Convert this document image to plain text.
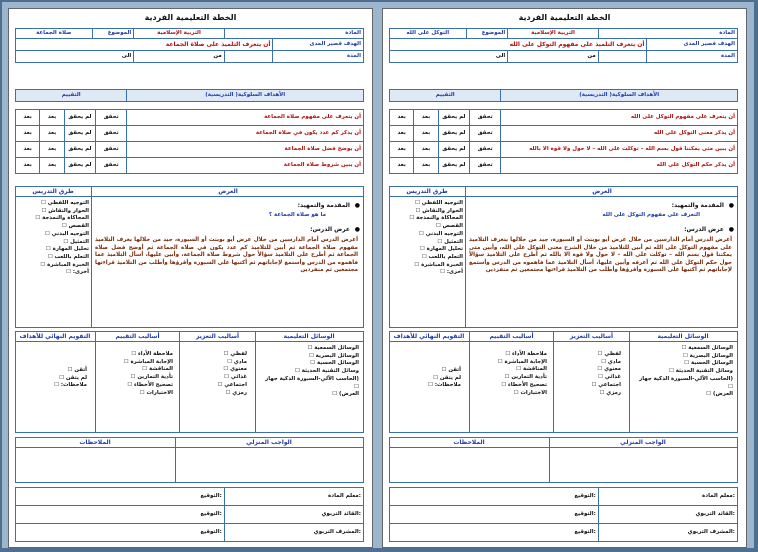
الخطة التعليمية الفردية
التوكل على الله	الموضوع	التربية الإسلامية	المادة	
أن يتعرف التلميذ على مفهوم التوكل على الله				الهدف قصير المدى
الى		من		المدة
التقييم	الأهداف السلوكية( التدريسية)

بعد	بعد	لم يحقق	تحقق	أن يتعرف على مفهوم التوكل على الله
بعد	بعد	لم يحقق	تحقق	أن يذكر معنى التوكل على الله
بعد	بعد	لم يحقق	تحقق	أن يبين متى يمكننا قول بسم الله – توكلت على الله – لا حول ولا قوة الا بالله
بعد	بعد	لم يحقق	تحقق	أن يذكر حكم التوكل على الله
العرض
طرق التدريس
المقدمة والتمهيد: ●
التعرف على مفهوم التوكل على الله
عرض الدرس: ●
أعرض الدرس أمام الدارسين من خلال عرض أيو بوينت أو السبورة، جيد من خلالها يتعرف التلاميذ على مفهوم التوكل على الله ثم أبين للتلاميذ من خلال الشرح معنى التوكل على الله، وأبين متى يمكننا قول بسم الله – توكلت على الله – لا حول ولا قوة الا بالله ثم أطرح على التلاميذ سؤالاً حول حكم التوكل على الله ثم أعرفه وأبين عليها، أسأل التلاميذ عما فاهموه من الدرس وأستمع لإجاباتهم ثم أكتبها على السبورة وأقرؤها وأطلب من التلاميذ قراءتها مجتمعين ثم منفردين
التوجيه اللفظي ☐
الحوار والنقاش ☐
المحاكاة والنمذجة ☐
القصص ☐
التوجيه البدني ☐
التمثيل ☐
تحليل المهارة ☐
التعلم باللعب ☐
الخبرة المباشرة ☐
أخرى: ☐
الوسائل التعليمية
أساليب التعزيز
أساليب التقييم
التقويم النهائي للأهداف
الوسائل السمعية ☐
الوسائل البصرية ☐
الوسائل الحسية ☐
وسائل التقنية الحديثة ☐
(الحاسب الآلي-السبورة الذكية جهاز ☐
العرض) ☐
لفظي ☐
مادي ☐
معنوي ☐
غذائي ☐
اجتماعي ☐
رمزي ☐
ملاحظة الأداء ☐
الإجابة المباشرة ☐
المناقشة ☐
تأدية التمارين ☐
تصحيح الأخطاء ☐
الاختبارات ☐
أتقن ☐
لم يتقن ☐
ملاحظات: ☐
الواجب المنزلي
الملاحظات
التوقيع:	معلم المادة:
التوقيع:	القائد التربوي:
التوقيع:	المشرف التربوي:
الخطة التعليمية الفردية
صلاة الجماعة	الموضوع	التربية الإسلامية	المادة	
أن يتعرف التلميذ على صلاة الجماعة				الهدف قصير المدى
الى		من		المدة
التقييم	الأهداف السلوكية( التدريسية)

بعد	بعد	لم يحقق	تحقق	أن يتعرف على مفهوم صلاة الجماعة
بعد	بعد	لم يحقق	تحقق	أن يذكر كم عدد يكون في صلاة الجماعة
بعد	بعد	لم يحقق	تحقق	أن يوضح فضل صلاة الجماعة
بعد	بعد	لم يحقق	تحقق	أن يبين شروط صلاة الجماعة
العرض
طرق التدريس
المقدمة والتمهيد: ●
ما هو صلاة الجماعة ؟
عرض الدرس: ●
أعرض الدرس أمام الدارسين من خلال عرض أيو بوينت أو السبورة، جيد من خلالها يعرف التلاميذ مفهوم صلاة الجماعة ثم أبين للتلاميذ كم عدد يكون في صلاة الجماعة ثم أوضح فضل صلاة الجماعة ثم أطرح على التلاميذ سؤالاً حول شروط صلاة الجماعة، وأبين عليها، أسأل التلاميذ عما فاهموه من الدرس وأستمع لإجاباتهم ثم أكتبها على السبورة وأقرؤها وأطلب من التلاميذ قراءتها مجتمعين ثم منفردين
التوجيه اللفظي ☐
الحوار والنقاش ☐
المحاكاة والنمذجة ☐
القصص ☐
التوجيه البدني ☐
التمثيل ☐
تحليل المهارة ☐
التعلم باللعب ☐
الخبرة المباشرة ☐
أخرى: ☐
الوسائل التعليمية
أساليب التعزيز
أساليب التقييم
التقويم النهائي للأهداف
الوسائل السمعية ☐
الوسائل البصرية ☐
الوسائل الحسية ☐
وسائل التقنية الحديثة ☐
(الحاسب الآلي-السبورة الذكية جهاز ☐
العرض) ☐
لفظي ☐
مادي ☐
معنوي ☐
غذائي ☐
اجتماعي ☐
رمزي ☐
ملاحظة الأداء ☐
الإجابة المباشرة ☐
المناقشة ☐
تأدية التمارين ☐
تصحيح الأخطاء ☐
الاختبارات ☐
أتقن ☐
لم يتقن ☐
ملاحظات: ☐
الواجب المنزلي
الملاحظات
التوقيع:	معلم المادة:
التوقيع:	القائد التربوي:
التوقيع:	المشرف التربوي:
